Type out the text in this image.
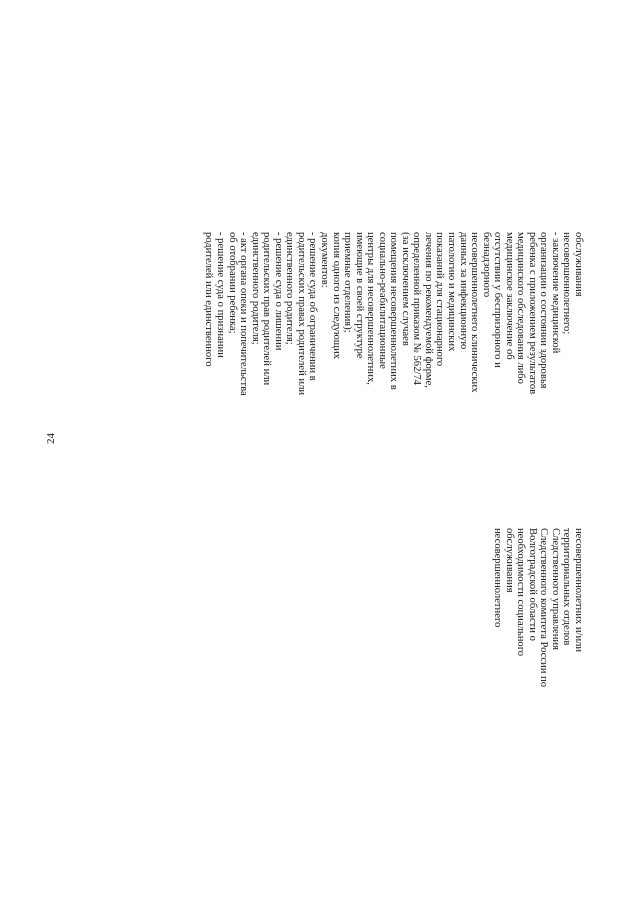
24
обслуживания
несовершеннолетнего;
- заключение медицинской
организации о состоянии здоровья
ребенка с приложением результатов
медицинского обследования либо
медицинское заключение об
отсутствии у беспризорного и
безнадзорного
несовершеннолетнего клинических
данных за инфекционную
патологию и медицинских
показаний для стационарного
лечения по рекомендуемой форме,
определенной приказом № 562/74
(за исключением случаев
помещения несовершеннолетних в
социально-реабилитационные
центры для несовершеннолетних,
имеющие в своей структуре
приемные отделения);
копия одного из следующих
документов:
- решение суда об ограничении в
родительских правах родителей или
единственного родителя;
- решение суда о лишении
родительских прав родителей или
единственного родителя;
- акт органа опеки и попечительства
об отобрании ребенка;
- решение суда о признании
родителей или единственного
несовершеннолетних и/или
территориальных отделов
Следственного управления
Следственного комитета России по
Волгоградской области о
необходимости социального
обслуживания
несовершеннолетнего
